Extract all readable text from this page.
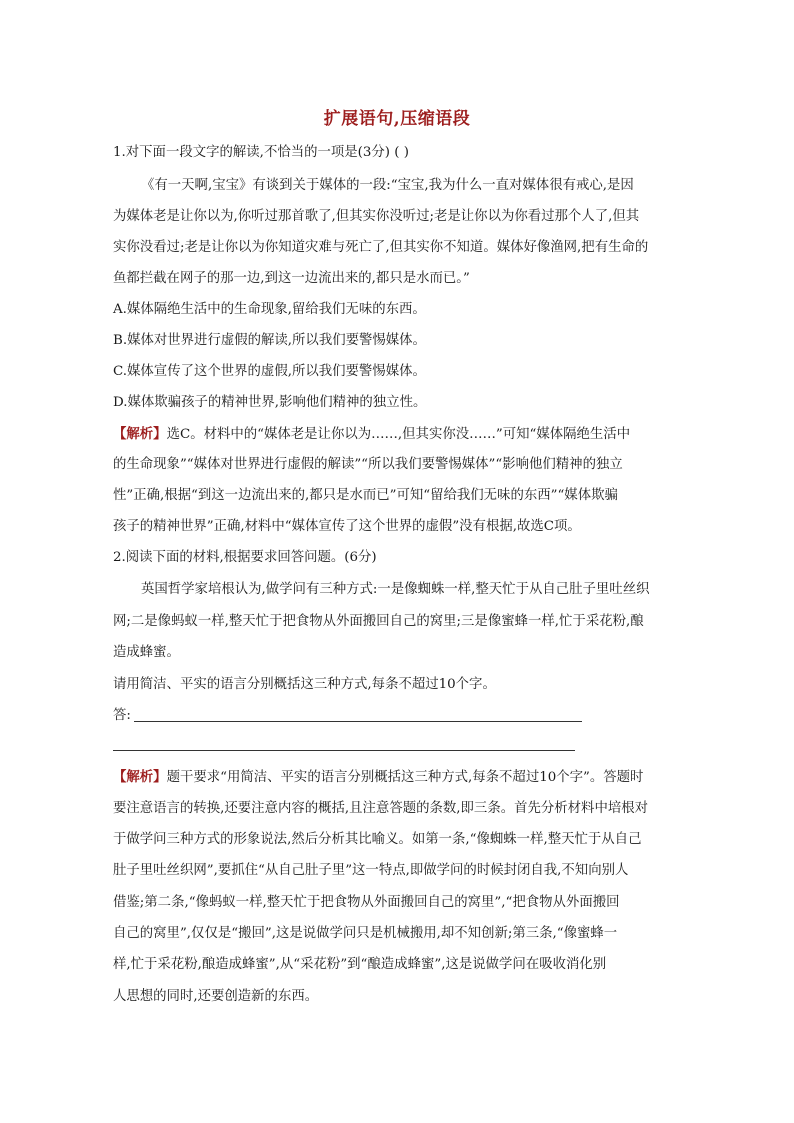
扩展语句,压缩语段
1.对下面一段文字的解读,不恰当的一项是(3分) ( )
《有一天啊,宝宝》有谈到关于媒体的一段:“宝宝,我为什么一直对媒体很有戒心,是因
为媒体老是让你以为,你听过那首歌了,但其实你没听过;老是让你以为你看过那个人了,但其
实你没看过;老是让你以为你知道灾难与死亡了,但其实你不知道。媒体好像渔网,把有生命的
鱼都拦截在网子的那一边,到这一边流出来的,都只是水而已。”
A.媒体隔绝生活中的生命现象,留给我们无味的东西。
B.媒体对世界进行虚假的解读,所以我们要警惕媒体。
C.媒体宣传了这个世界的虚假,所以我们要警惕媒体。
D.媒体欺骗孩子的精神世界,影响他们精神的独立性。
【解析】选C。材料中的“媒体老是让你以为……,但其实你没……”可知“媒体隔绝生活中
的生命现象”“媒体对世界进行虚假的解读”“所以我们要警惕媒体”“影响他们精神的独立
性”正确,根据“到这一边流出来的,都只是水而已”可知“留给我们无味的东西”“媒体欺骗
孩子的精神世界”正确,材料中“媒体宣传了这个世界的虚假”没有根据,故选C项。
2.阅读下面的材料,根据要求回答问题。(6分)
英国哲学家培根认为,做学问有三种方式:一是像蜘蛛一样,整天忙于从自己肚子里吐丝织
网;二是像蚂蚁一样,整天忙于把食物从外面搬回自己的窝里;三是像蜜蜂一样,忙于采花粉,酿
造成蜂蜜。
请用简洁、平实的语言分别概括这三种方式,每条不超过10个字。
答:
【解析】题干要求“用简洁、平实的语言分别概括这三种方式,每条不超过10个字”。答题时
要注意语言的转换,还要注意内容的概括,且注意答题的条数,即三条。首先分析材料中培根对
于做学问三种方式的形象说法,然后分析其比喻义。如第一条,“像蜘蛛一样,整天忙于从自己
肚子里吐丝织网”,要抓住“从自己肚子里”这一特点,即做学问的时候封闭自我,不知向别人
借鉴;第二条,“像蚂蚁一样,整天忙于把食物从外面搬回自己的窝里”,“把食物从外面搬回
自己的窝里”,仅仅是“搬回”,这是说做学问只是机械搬用,却不知创新;第三条,“像蜜蜂一
样,忙于采花粉,酿造成蜂蜜”,从“采花粉”到“酿造成蜂蜜”,这是说做学问在吸收消化别
人思想的同时,还要创造新的东西。
